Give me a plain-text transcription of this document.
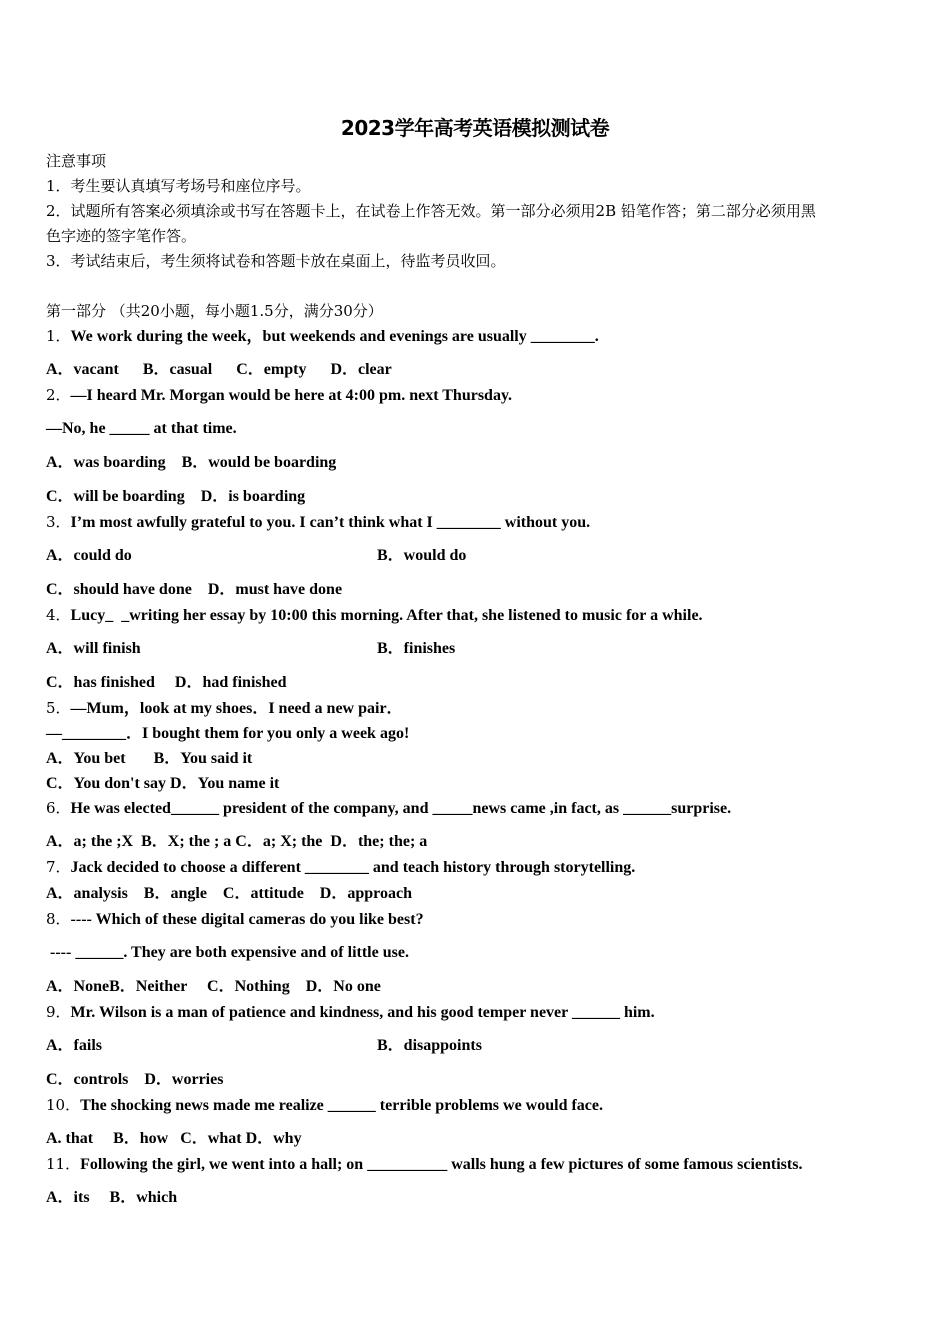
2023学年高考英语模拟测试卷
注意事项
1．考生要认真填写考场号和座位序号。
2．试题所有答案必须填涂或书写在答题卡上，在试卷上作答无效。第一部分必须用2B 铅笔作答；第二部分必须用黑
色字迹的签字笔作答。
3．考试结束后，考生须将试卷和答题卡放在桌面上，待监考员收回。
第一部分 （共20小题，每小题1.5分，满分30分）
1．We work during the week，but weekends and evenings are usually ________.
A．vacant      B．casual      C．empty      D．clear
2．—I heard Mr. Morgan would be here at 4:00 pm. next Thursday.
—No, he _____ at that time.
A．was boarding    B．would be boarding
C．will be boarding    D．is boarding
3．I’m most awfully grateful to you. I can’t think what I ________ without you.
A．could do	B．would do
C．should have done    D．must have done
4．Lucy_  _writing her essay by 10:00 this morning. After that, she listened to music for a while.
A．will finish	B．finishes
C．has finished     D．had finished
5．—Mum，look at my shoes．I need a new pair．
—________．I bought them for you only a week ago!
A．You bet       B．You said it
C．You don't say D．You name it
6．He was elected______ president of the company, and _____news came ,in fact, as ______surprise.
A．a; the ;X  B．X; the ; a C．a; X; the  D．the; the; a
7．Jack decided to choose a different ________ and teach history through storytelling.
A．analysis    B．angle    C．attitude    D．approach
8．---- Which of these digital cameras do you like best?
---- ______. They are both expensive and of little use.
A．NoneB．Neither     C．Nothing    D．No one
9．Mr. Wilson is a man of patience and kindness, and his good temper never ______ him.
A．fails	B．disappoints
C．controls    D．worries
10．The shocking news made me realize ______ terrible problems we would face.
A. that     B．how   C．what D．why
11．Following the girl, we went into a hall; on __________ walls hung a few pictures of some famous scientists.
A．its     B．which
